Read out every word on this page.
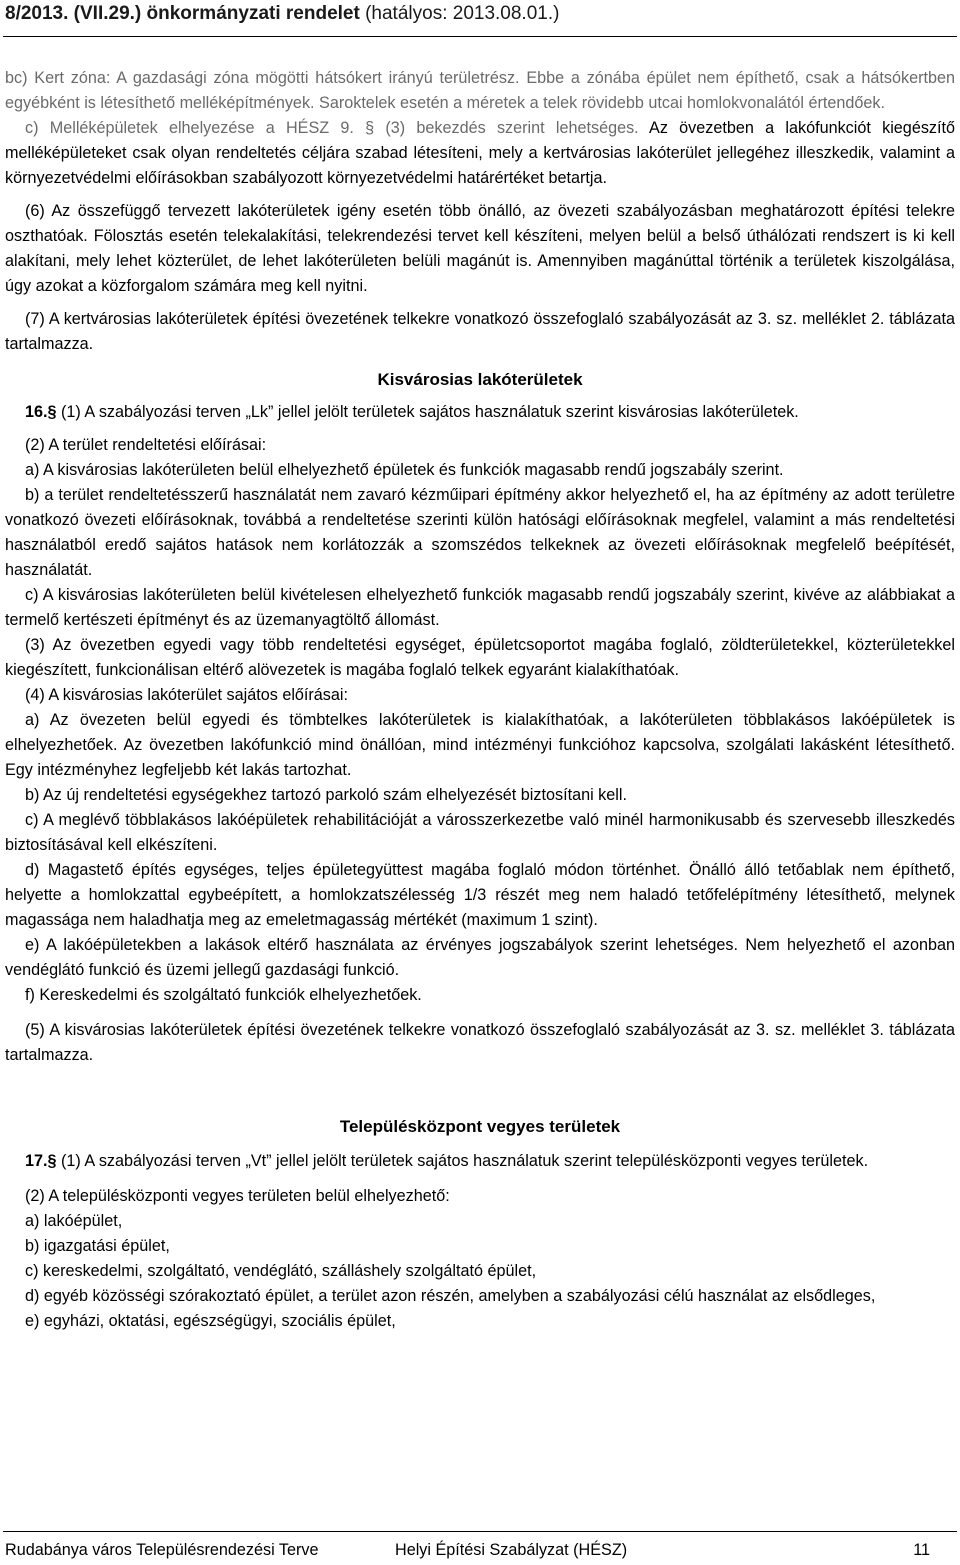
8/2013. (VII.29.) önkormányzati rendelet (hatályos: 2013.08.01.)

bc) Kert zóna: A gazdasági zóna mögötti hátsókert irányú területrész. Ebbe a zónába épület nem építhető, csak a hátsókertben egyébként is létesíthető melléképítmények. Saroktelek esetén a méretek a telek rövidebb utcai homlokvonalától értendőek.

c) Melléképületek elhelyezése a HÉSZ 9. § (3) bekezdés szerint lehetséges. Az övezetben a lakófunkciót kiegészítő melléképületeket csak olyan rendeltetés céljára szabad létesíteni, mely a kertvárosias lakóterület jellegéhez illeszkedik, valamint a környezetvédelmi előírásokban szabályozott környezetvédelmi határértéket betartja.

(6) Az összefüggő tervezett lakóterületek igény esetén több önálló, az övezeti szabályozásban meghatározott építési telekre oszthatóak. Fölosztás esetén telekalakítási, telekrendezési tervet kell készíteni, melyen belül a belső úthálózati rendszert is ki kell alakítani, mely lehet közterület, de lehet lakóterületen belüli magánút is. Amennyiben magánúttal történik a területek kiszolgálása, úgy azokat a közforgalom számára meg kell nyitni.

(7) A kertvárosias lakóterületek építési övezetének telkekre vonatkozó összefoglaló szabályozását az 3. sz. melléklet 2. táblázata tartalmazza.

Kisvárosias lakóterületek

16.§ (1) A szabályozási terven „Lk” jellel jelölt területek sajátos használatuk szerint kisvárosias lakóterületek.

(2) A terület rendeltetési előírásai:

a) A kisvárosias lakóterületen belül elhelyezhető épületek és funkciók magasabb rendű jogszabály szerint.

b) a terület rendeltetésszerű használatát nem zavaró kézműipari építmény akkor helyezhető el, ha az építmény az adott területre vonatkozó övezeti előírásoknak, továbbá a rendeltetése szerinti külön hatósági előírásoknak megfelel, valamint a más rendeltetési használatból eredő sajátos hatások nem korlátozzák a szomszédos telkeknek az övezeti előírásoknak megfelelő beépítését, használatát.

c) A kisvárosias lakóterületen belül kivételesen elhelyezhető funkciók magasabb rendű jogszabály szerint, kivéve az alábbiakat a termelő kertészeti építményt és az üzemanyagtöltő állomást.

(3) Az övezetben egyedi vagy több rendeltetési egységet, épületcsoportot magába foglaló, zöldterületekkel, közterületekkel kiegészített, funkcionálisan eltérő alövezetek is magába foglaló telkek egyaránt kialakíthatóak.

(4) A kisvárosias lakóterület sajátos előírásai:

a) Az övezeten belül egyedi és tömbtelkes lakóterületek is kialakíthatóak, a lakóterületen többlakásos lakóépületek is elhelyezhetőek. Az övezetben lakófunkció mind önállóan, mind intézményi funkcióhoz kapcsolva, szolgálati lakásként létesíthető. Egy intézményhez legfeljebb két lakás tartozhat.

b) Az új rendeltetési egységekhez tartozó parkoló szám elhelyezését biztosítani kell.

c) A meglévő többlakásos lakóépületek rehabilitációját a városszerkezetbe való minél harmonikusabb és szervesebb illeszkedés biztosításával kell elkészíteni.

d) Magastető építés egységes, teljes épületegyüttest magába foglaló módon történhet. Önálló álló tetőablak nem építhető, helyette a homlokzattal egybeépített, a homlokzatszélesség 1/3 részét meg nem haladó tetőfelépítmény létesíthető, melynek magassága nem haladhatja meg az emeletmagasság mértékét (maximum 1 szint).

e) A lakóépületekben a lakások eltérő használata az érvényes jogszabályok szerint lehetséges. Nem helyezhető el azonban vendéglátó funkció és üzemi jellegű gazdasági funkció.

f) Kereskedelmi és szolgáltató funkciók elhelyezhetőek.

(5) A kisvárosias lakóterületek építési övezetének telkekre vonatkozó összefoglaló szabályozását az 3. sz. melléklet 3. táblázata tartalmazza.

Településközpont vegyes területek

17.§ (1) A szabályozási terven „Vt” jellel jelölt területek sajátos használatuk szerint településközponti vegyes területek.

(2) A településközponti vegyes területen belül elhelyezhető:

a) lakóépület,
b) igazgatási épület,
c) kereskedelmi, szolgáltató, vendéglátó, szálláshely szolgáltató épület,
d) egyéb közösségi szórakoztató épület, a terület azon részén, amelyben a szabályozási célú használat az elsődleges,
e) egyházi, oktatási, egészségügyi, szociális épület,
Rudabánya város Településrendezési Terve	Helyi Építési Szabályzat (HÉSZ)	11
